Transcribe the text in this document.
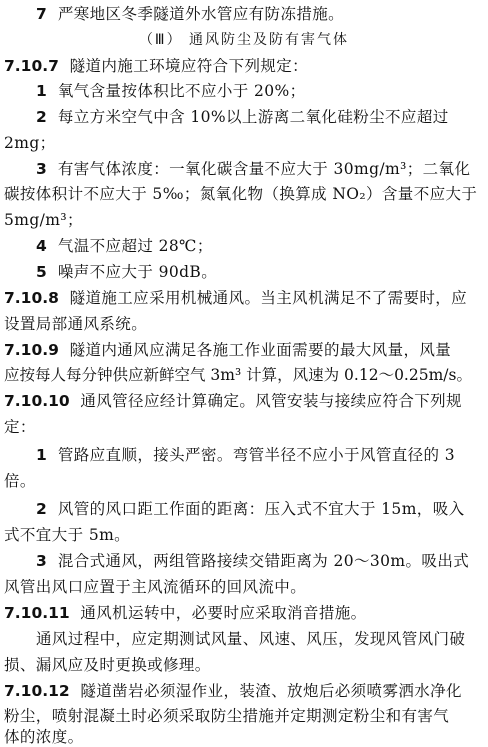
7 严寒地区冬季隧道外水管应有防冻措施。
（Ⅲ） 通风防尘及防有害气体
7.10.7 隧道内施工环境应符合下列规定：
1 氧气含量按体积比不应小于 20%；
2 每立方米空气中含 10%以上游离二氧化硅粉尘不应超过
2mg；
3 有害气体浓度：一氧化碳含量不应大于 30mg/m³；二氧化
碳按体积计不应大于 5‰；氮氧化物（换算成 NO₂）含量不应大于
5mg/m³；
4 气温不应超过 28℃；
5 噪声不应大于 90dB。
7.10.8 隧道施工应采用机械通风。当主风机满足不了需要时，应
设置局部通风系统。
7.10.9 隧道内通风应满足各施工作业面需要的最大风量，风量
应按每人每分钟供应新鲜空气 3m³ 计算，风速为 0.12～0.25m/s。
7.10.10 通风管径应经计算确定。风管安装与接续应符合下列规
定：
1 管路应直顺，接头严密。弯管半径不应小于风管直径的 3
倍。
2 风管的风口距工作面的距离：压入式不宜大于 15m，吸入
式不宜大于 5m。
3 混合式通风，两组管路接续交错距离为 20～30m。吸出式
风管出风口应置于主风流循环的回风流中。
7.10.11 通风机运转中，必要时应采取消音措施。
通风过程中，应定期测试风量、风速、风压，发现风管风门破
损、漏风应及时更换或修理。
7.10.12 隧道凿岩必须湿作业，装渣、放炮后必须喷雾洒水净化
粉尘，喷射混凝土时必须采取防尘措施并定期测定粉尘和有害气
体的浓度。
